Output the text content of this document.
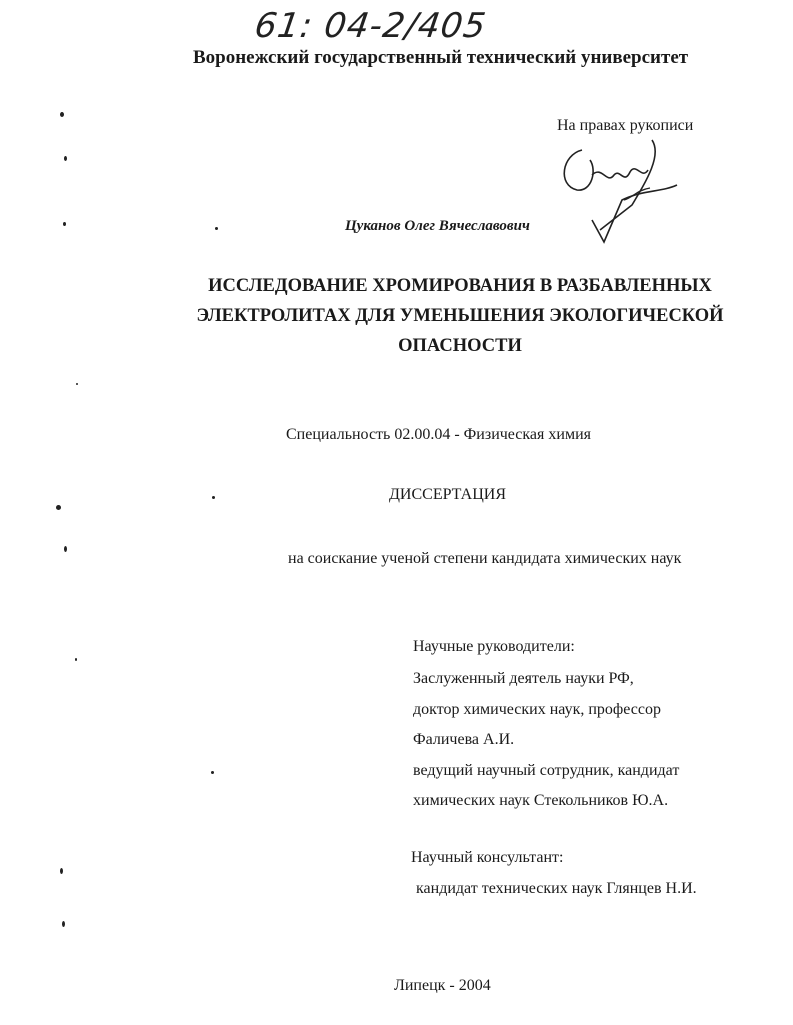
61: 04-2/405
Воронежский государственный технический университет
На правах рукописи
Цуканов Олег Вячеславович
ИССЛЕДОВАНИЕ ХРОМИРОВАНИЯ В РАЗБАВЛЕННЫХ
ЭЛЕКТРОЛИТАХ ДЛЯ УМЕНЬШЕНИЯ ЭКОЛОГИЧЕСКОЙ
ОПАСНОСТИ
Специальность 02.00.04 - Физическая химия
ДИССЕРТАЦИЯ
на соискание ученой степени кандидата химических наук
Научные руководители:
Заслуженный деятель науки РФ,
доктор химических наук, профессор
Фаличева А.И.
ведущий научный сотрудник, кандидат
химических наук Стекольников Ю.А.
Научный консультант:
кандидат технических наук Глянцев Н.И.
Липецк - 2004
